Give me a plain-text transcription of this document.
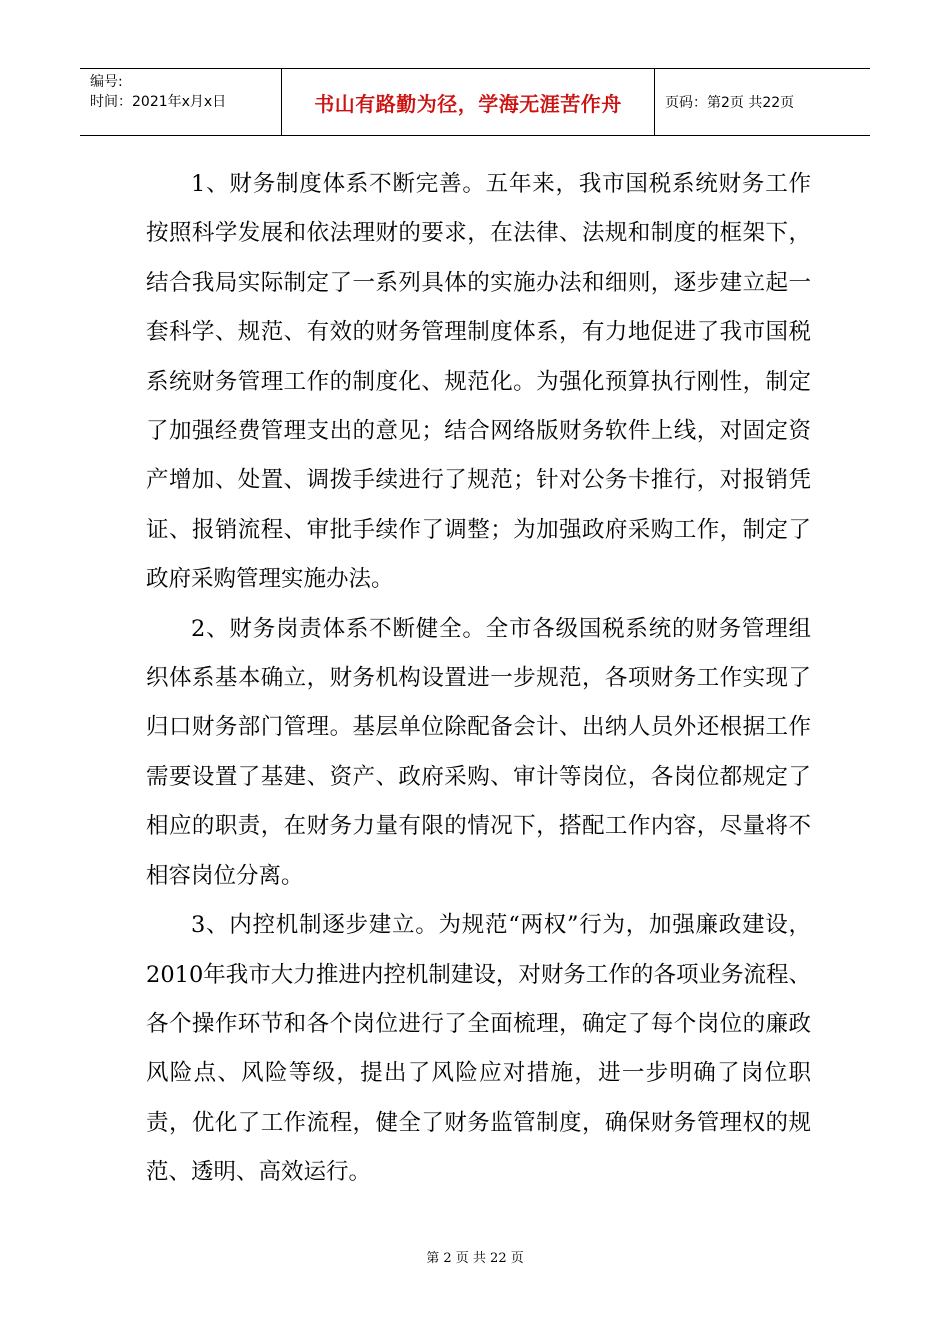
编号:
时间：2021年x月x日	书山有路勤为径，学海无涯苦作舟	页码：第2页 共22页

1、财务制度体系不断完善。五年来，我市国税系统财务工作按照科学发展和依法理财的要求，在法律、法规和制度的框架下，结合我局实际制定了一系列具体的实施办法和细则，逐步建立起一套科学、规范、有效的财务管理制度体系，有力地促进了我市国税系统财务管理工作的制度化、规范化。为强化预算执行刚性，制定了加强经费管理支出的意见；结合网络版财务软件上线，对固定资产增加、处置、调拨手续进行了规范；针对公务卡推行，对报销凭证、报销流程、审批手续作了调整；为加强政府采购工作，制定了政府采购管理实施办法。

2、财务岗责体系不断健全。全市各级国税系统的财务管理组织体系基本确立，财务机构设置进一步规范，各项财务工作实现了归口财务部门管理。基层单位除配备会计、出纳人员外还根据工作需要设置了基建、资产、政府采购、审计等岗位，各岗位都规定了相应的职责，在财务力量有限的情况下，搭配工作内容，尽量将不相容岗位分离。

3、内控机制逐步建立。为规范“两权”行为，加强廉政建设， 2010年我市大力推进内控机制建设，对财务工作的各项业务流程、各个操作环节和各个岗位进行了全面梳理，确定了每个岗位的廉政风险点、风险等级，提出了风险应对措施，进一步明确了岗位职责，优化了工作流程，健全了财务监管制度，确保财务管理权的规范、透明、高效运行。

第 2 页 共 22 页
